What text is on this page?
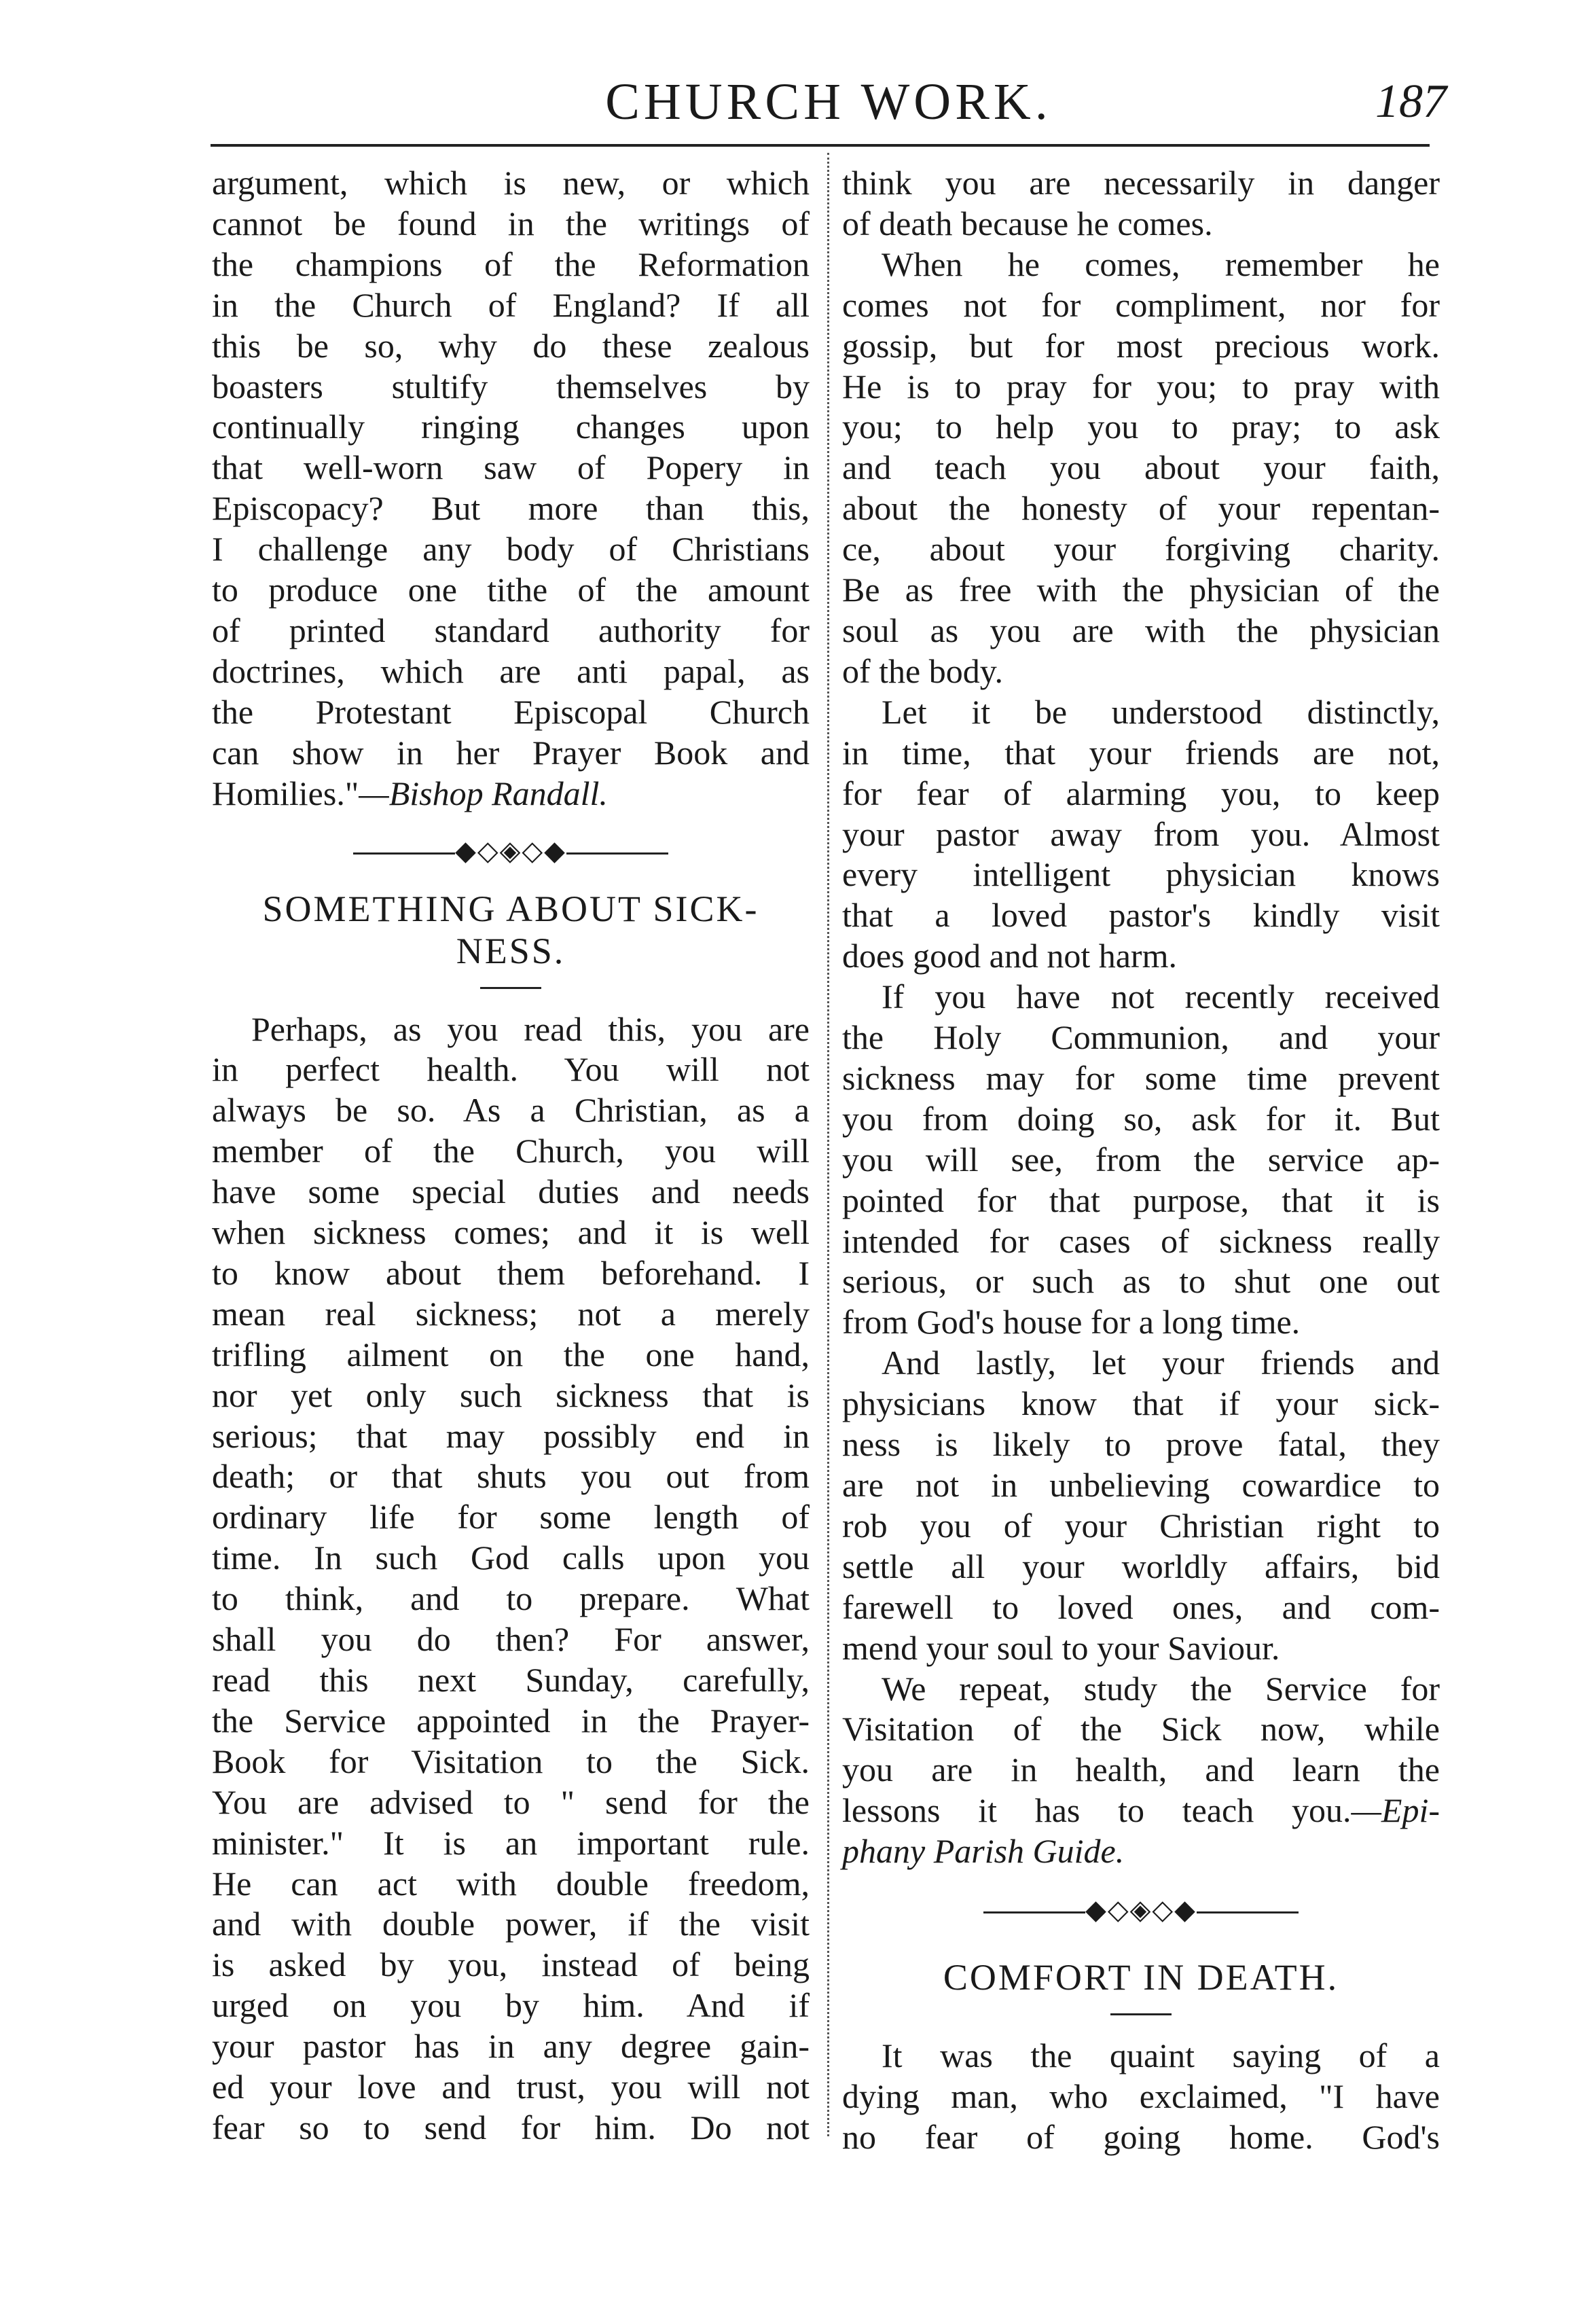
CHURCH WORK.	187

argument, which is new, or which
cannot be found in the writings of
the champions of the Reformation
in the Church of England? If all
this be so, why do these zealous
boasters stultify themselves by
continually ringing changes upon
that well-worn saw of Popery in
Episcopacy? But more than this,
I challenge any body of Christians
to produce one tithe of the amount
of printed standard authority for
doctrines, which are anti papal, as
the Protestant Episcopal Church
can show in her Prayer Book and
Homilies."—Bishop Randall.

◆◇◈◇◆
SOMETHING ABOUT SICK-
NESS.

Perhaps, as you read this, you are
in perfect health. You will not
always be so. As a Christian, as a
member of the Church, you will
have some special duties and needs
when sickness comes; and it is well
to know about them beforehand. I
mean real sickness; not a merely
trifling ailment on the one hand,
nor yet only such sickness that is
serious; that may possibly end in
death; or that shuts you out from
ordinary life for some length of
time. In such God calls upon you
to think, and to prepare. What
shall you do then? For answer,
read this next Sunday, carefully,
the Service appointed in the Prayer-
Book for Visitation to the Sick.
You are advised to " send for the
minister." It is an important rule.
He can act with double freedom,
and with double power, if the visit
is asked by you, instead of being
urged on you by him. And if
your pastor has in any degree gain-
ed your love and trust, you will not
fear so to send for him. Do not

think you are necessarily in danger
of death because he comes.

When he comes, remember he
comes not for compliment, nor for
gossip, but for most precious work.
He is to pray for you; to pray with
you; to help you to pray; to ask
and teach you about your faith,
about the honesty of your repentan-
ce, about your forgiving charity.
Be as free with the physician of the
soul as you are with the physician
of the body.

Let it be understood distinctly,
in time, that your friends are not,
for fear of alarming you, to keep
your pastor away from you. Almost
every intelligent physician knows
that a loved pastor's kindly visit
does good and not harm.

If you have not recently received
the Holy Communion, and your
sickness may for some time prevent
you from doing so, ask for it. But
you will see, from the service ap-
pointed for that purpose, that it is
intended for cases of sickness really
serious, or such as to shut one out
from God's house for a long time.

And lastly, let your friends and
physicians know that if your sick-
ness is likely to prove fatal, they
are not in unbelieving cowardice to
rob you of your Christian right to
settle all your worldly affairs, bid
farewell to loved ones, and com-
mend your soul to your Saviour.

We repeat, study the Service for
Visitation of the Sick now, while
you are in health, and learn the
lessons it has to teach you.—Epi-
phany Parish Guide.

◆◇◈◇◆
COMFORT IN DEATH.

It was the quaint saying of a
dying man, who exclaimed, "I have
no fear of going home. God's
